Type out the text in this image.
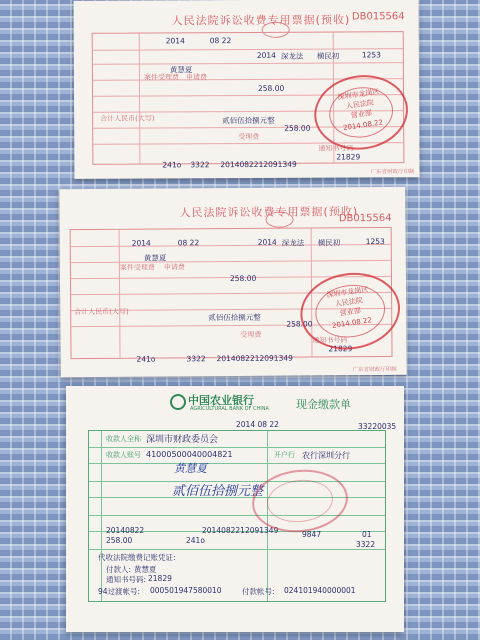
人民法院诉讼收费专用票据(预收) DB015564
2014	08 22
2014 深龙法 横民初	1253
黄慧夏
案件受理费 申请费
258.00
合计人民币(大写)	贰佰伍拾捌元整
258.00
受理费
通知书号码
21829
241o 3322 20140822120913​49
广东省财政厅印制
深圳市龙岗区
人民法院
营业部
2014.08.22
人民法院诉讼收费专用票据(预收)
DB015564
2014	08 22	2014 深龙法 横民初	1253
黄慧夏
案件受理费 申请费
258.00
合计人民币(大写)
贰佰伍拾捌元整
258.00
受理费
通知书号码
21829
241o	3322 20140822120913​49
广东省财政厅印制
深圳市龙岗区
人民法院
营业部
2014.08.22
中国农业银行
AGRICULTURAL BANK OF CHINA 现金缴款单
2014 08 22	33220035
收款人全称 深圳市财政委员会
收款人账号 41000500040004821	开户行 农行深圳分行
黄慧夏
贰佰伍拾捌元整
20140822	20140822120913​49
258.00	241o
9847	01
3322
代收法院缴费记账凭证:
付款人: 黄慧夏
通知书号码: 21829
94过渡帐号: 000501947580010	付款帐号: 024101940000001
